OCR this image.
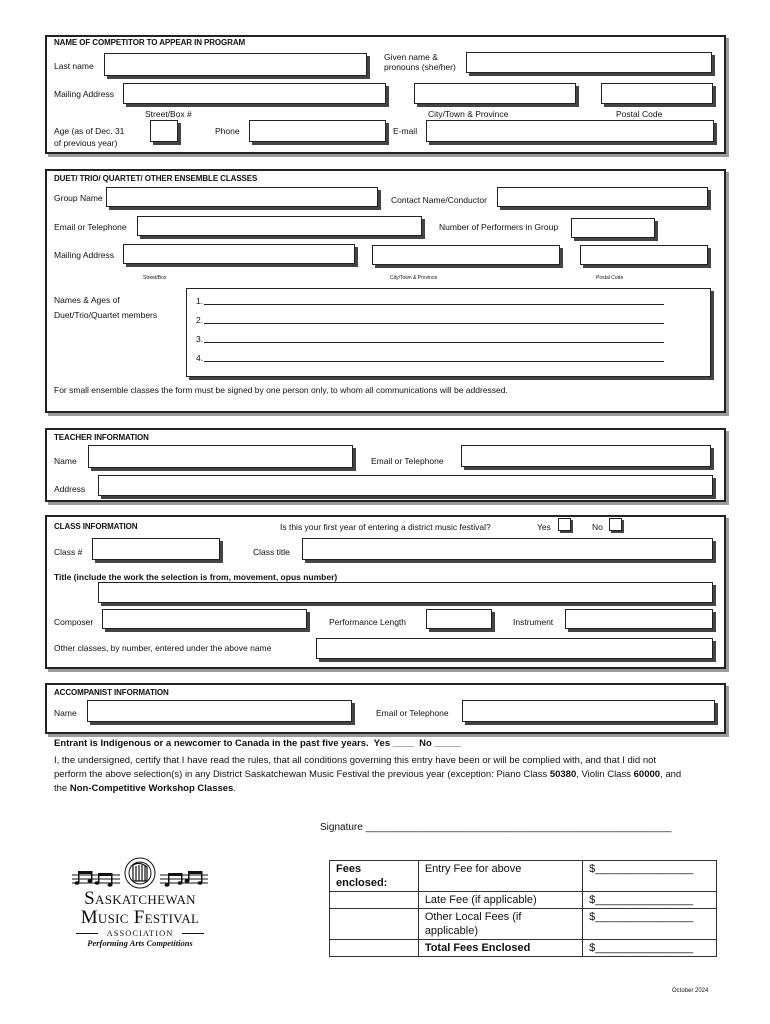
NAME OF COMPETITOR TO APPEAR IN PROGRAM
Last name
Given name &
pronouns (she/her)
Mailing Address
Street/Box #	City/Town & Province	Postal Code
Age (as of Dec. 31
of previous year)
Phone	E-mail
DUET/ TRIO/ QUARTET/ OTHER ENSEMBLE CLASSES
Group Name	Contact Name/Conductor
Email or Telephone	Number of Performers in Group
Mailing Address
Street/Box	City/Town & Province	Postal Code
Names & Ages of
Duet/Trio/Quartet members
1.
2.
3.
4.
For small ensemble classes the form must be signed by one person only, to whom all communications will be addressed.
TEACHER INFORMATION
Name	Email or Telephone
Address
CLASS INFORMATION	Is this your first year of entering a district music festival?	Yes	No
Class #	Class title
Title (include the work the selection is from, movement, opus number)
Composer	Performance Length	Instrument
Other classes, by number, entered under the above name
ACCOMPANIST INFORMATION
Name	Email or Telephone
Entrant is Indigenous or a newcomer to Canada in the past five years.  Yes ____  No _____
I, the undersigned, certify that I have read the rules, that all conditions governing this entry have been or will be complied with, and that I did not
perform the above selection(s) in any District Saskatchewan Music Festival the previous year (exception: Piano Class 50380, Violin Class 60000, and
the Non-Competitive Workshop Classes.
Signature _______________________________________________________
Saskatchewan
Music Festival
ASSOCIATION
Performing Arts Competitions
Fees
enclosed:	Entry Fee for above	$________________
	Late Fee (if applicable)	$________________
	Other Local Fees (if applicable)	$________________
	Total Fees Enclosed	$________________
October 2024
